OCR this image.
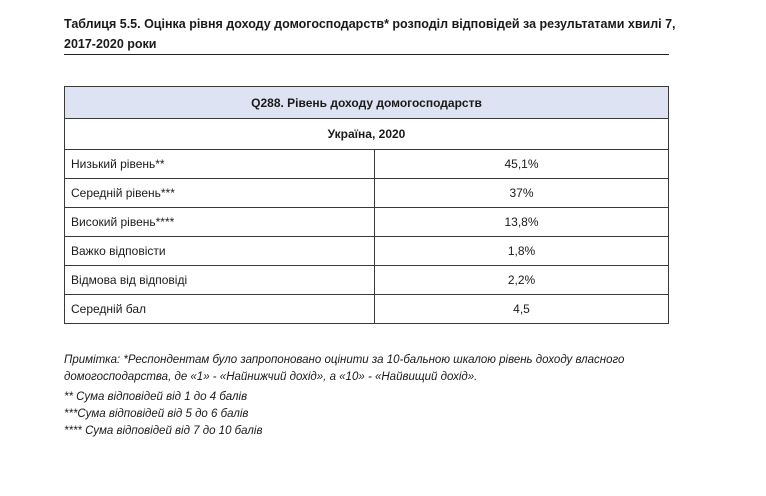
Таблиця 5.5. Оцінка рівня доходу домогосподарств* розподіл відповідей за результатами хвилі 7, 2017-2020 роки
Q288. Рівень доходу домогосподарств	
Україна, 2020	
Низький рівень**	45,1%
Середній рівень***	37%
Високий рівень****	13,8%
Важко відповісти	1,8%
Відмова від відповіді	2,2%
Середній бал	4,5
Примітка: *Респондентам було запропоновано оцінити за 10-бальною шкалою рівень доходу власного домогосподарства, де «1» - «Найнижчий дохід», а «10» - «Найвищий дохід».
** Сума відповідей від 1 до 4 балів
***Сума відповідей від 5 до 6 балів
**** Сума відповідей від 7 до 10 балів
